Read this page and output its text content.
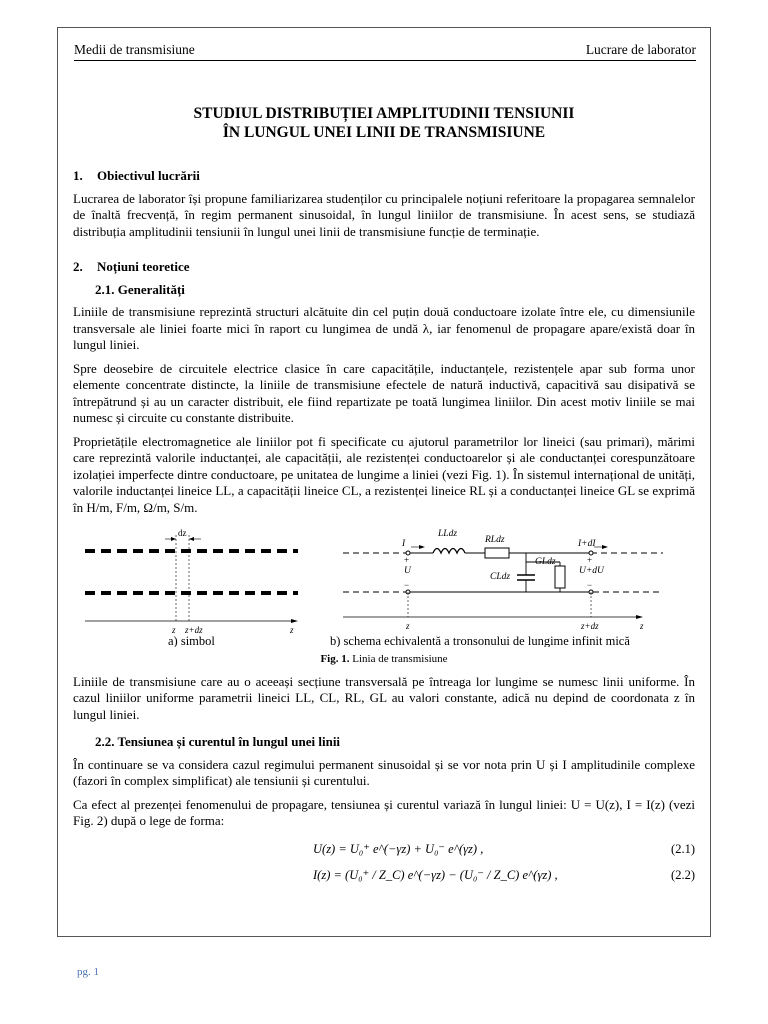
Medii de transmisiune	Lucrare de laborator
STUDIUL DISTRIBUȚIEI AMPLITUDINII TENSIUNII
ÎN LUNGUL UNEI LINII DE TRANSMISIUNE
1. Obiectivul lucrării

Lucrarea de laborator își propune familiarizarea studenților cu principalele noțiuni referitoare la propagarea semnalelor de înaltă frecvență, în regim permanent sinusoidal, în lungul liniilor de transmisiune. În acest sens, se studiază distribuția amplitudinii tensiunii în lungul unei linii de transmisiune funcție de terminație.

2. Noțiuni teoretice
2.1. Generalități

Liniile de transmisiune reprezintă structuri alcătuite din cel puțin două conductoare izolate între ele, cu dimensiunile transversale ale liniei foarte mici în raport cu lungimea de undă λ, iar fenomenul de propagare apare/există doar în lungul liniei.

Spre deosebire de circuitele electrice clasice în care capacitățile, inductanțele, rezistențele apar sub forma unor elemente concentrate distincte, la liniile de transmisiune efectele de natură inductivă, capacitivă sau disipativă se întrepătrund și au un caracter distribuit, ele fiind repartizate pe toată lungimea liniilor. Din acest motiv liniile se mai numesc și circuite cu constante distribuite.

Proprietățile electromagnetice ale liniilor pot fi specificate cu ajutorul parametrilor lor lineici (sau primari), mărimi care reprezintă valorile inductanței, ale capacității, ale rezistenței conductoarelor și ale conductanței corespunzătoare izolației imperfecte dintre conductoare, pe unitatea de lungime a liniei (vezi Fig. 1). În sistemul internațional de unități, valorile inductanței lineice LL, a capacității lineice CL, a rezistenței lineice RL și a conductanței lineice GL se exprimă în H/m, F/m, Ω/m, S/m.

dz
z z+dz	z
LLdz
RLdz
CLdz
GLdz
I	I+dI
+
U
−
+
U+dU
−
z	z+dz	z
a) simbol	b) schema echivalentă a tronsonului de lungime infinit mică
Fig. 1. Linia de transmisiune

Liniile de transmisiune care au o aceeași secțiune transversală pe întreaga lor lungime se numesc linii uniforme. În cazul liniilor uniforme parametrii lineici LL, CL, RL, GL au valori constante, adică nu depind de coordonata z în lungul liniei.

2.2. Tensiunea și curentul în lungul unei linii

În continuare se va considera cazul regimului permanent sinusoidal și se vor nota prin U și I amplitudinile complexe (fazori în complex simplificat) ale tensiunii și curentului.

Ca efect al prezenței fenomenului de propagare, tensiunea și curentul variază în lungul liniei: U = U(z), I = I(z) (vezi Fig. 2) după o lege de forma:

U(z) = U₀⁺ e^(−γz) + U₀⁻ e^(γz) ,	(2.1)
I(z) = (U₀⁺ / Z_C) e^(−γz) − (U₀⁻ / Z_C) e^(γz) ,	(2.2)
pg. 1
